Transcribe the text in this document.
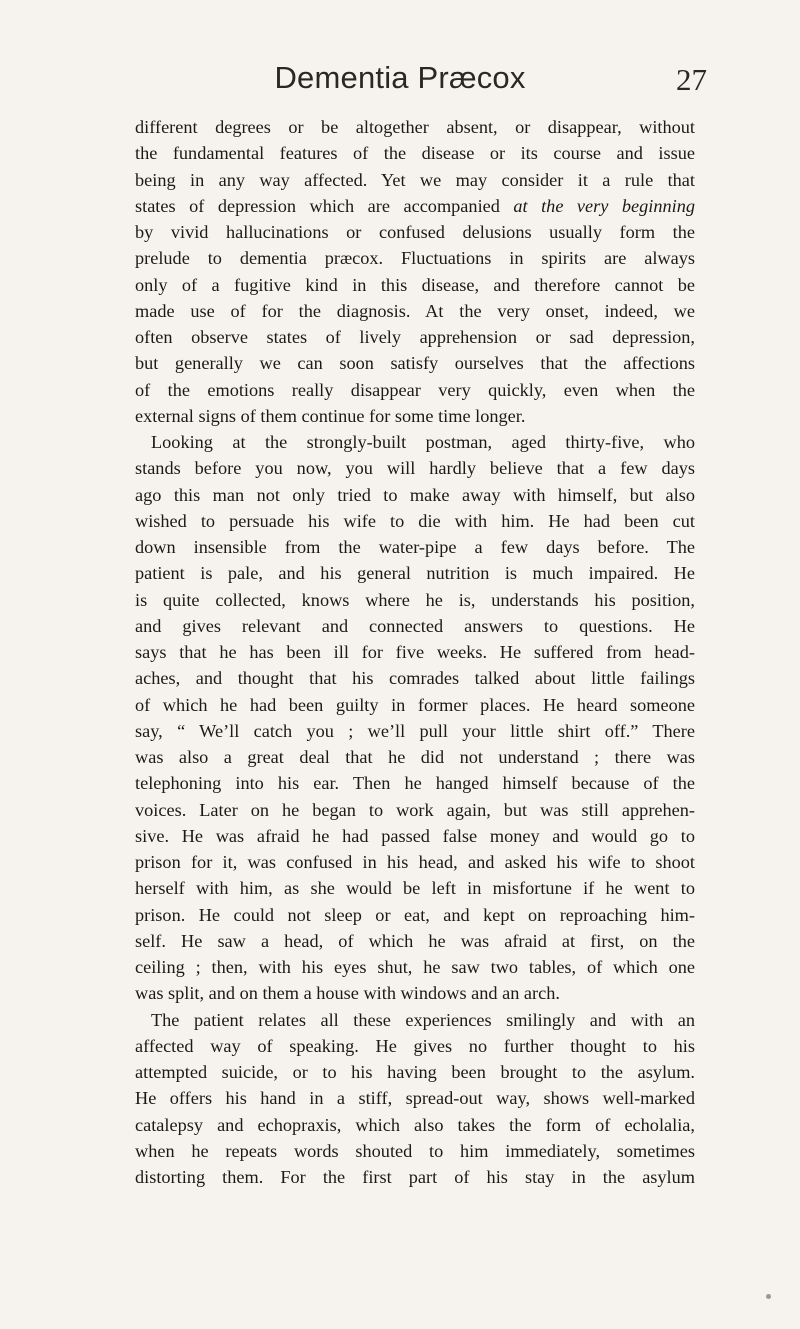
Dementia Præcox	27
different degrees or be altogether absent, or disappear, without
the fundamental features of the disease or its course and issue
being in any way affected. Yet we may consider it a rule that
states of depression which are accompanied at the very beginning
by vivid hallucinations or confused delusions usually form the
prelude to dementia præcox. Fluctuations in spirits are always
only of a fugitive kind in this disease, and therefore cannot be
made use of for the diagnosis. At the very onset, indeed, we
often observe states of lively apprehension or sad depression,
but generally we can soon satisfy ourselves that the affections
of the emotions really disappear very quickly, even when the
external signs of them continue for some time longer.
Looking at the strongly-built postman, aged thirty-five, who
stands before you now, you will hardly believe that a few days
ago this man not only tried to make away with himself, but also
wished to persuade his wife to die with him. He had been cut
down insensible from the water-pipe a few days before. The
patient is pale, and his general nutrition is much impaired. He
is quite collected, knows where he is, understands his position,
and gives relevant and connected answers to questions. He
says that he has been ill for five weeks. He suffered from head-
aches, and thought that his comrades talked about little failings
of which he had been guilty in former places. He heard someone
say, “ We’ll catch you ; we’ll pull your little shirt off.” There
was also a great deal that he did not understand ; there was
telephoning into his ear. Then he hanged himself because of the
voices. Later on he began to work again, but was still apprehen-
sive. He was afraid he had passed false money and would go to
prison for it, was confused in his head, and asked his wife to shoot
herself with him, as she would be left in misfortune if he went to
prison. He could not sleep or eat, and kept on reproaching him-
self. He saw a head, of which he was afraid at first, on the
ceiling ; then, with his eyes shut, he saw two tables, of which one
was split, and on them a house with windows and an arch.
The patient relates all these experiences smilingly and with an
affected way of speaking. He gives no further thought to his
attempted suicide, or to his having been brought to the asylum.
He offers his hand in a stiff, spread-out way, shows well-marked
catalepsy and echopraxis, which also takes the form of echolalia,
when he repeats words shouted to him immediately, sometimes
distorting them. For the first part of his stay in the asylum
